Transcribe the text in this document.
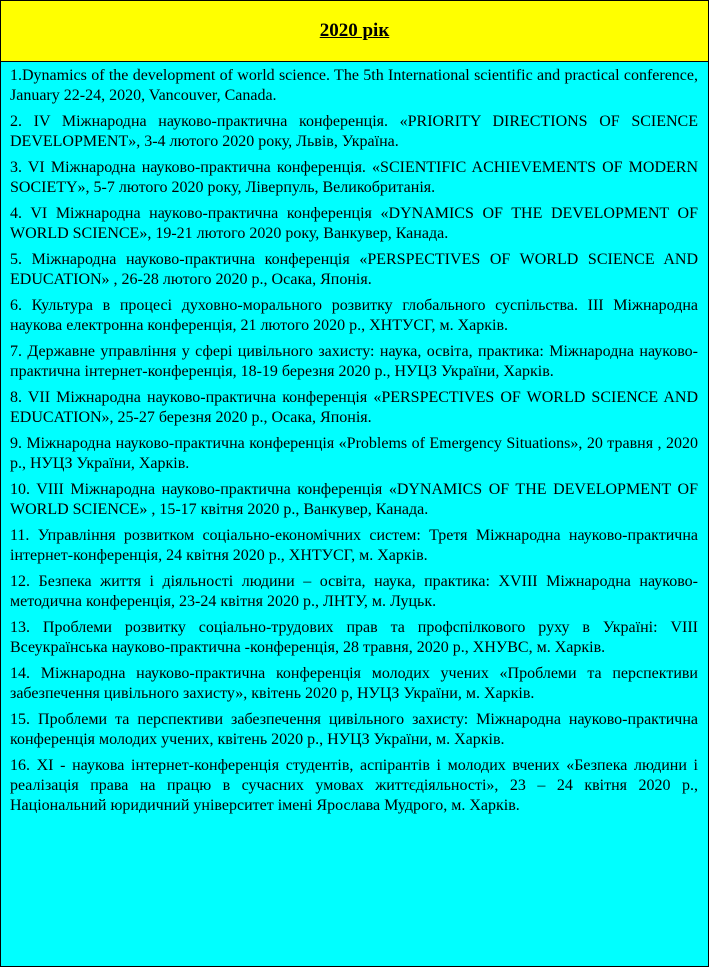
2020 рік

1.Dynamics of the development of world science. The 5th International scientific and practical conference, January 22-24, 2020, Vancouver, Canada.

2. IV Міжнародна науково-практична конференція. «PRIORITY DIRECTIONS OF SCIENCE DEVELOPMENT», 3-4 лютого 2020 року, Львів, Україна.

3. VI Міжнародна науково-практична конференція. «SCIENTIFIC ACHIEVEMENTS OF MODERN SOCIETY», 5-7 лютого 2020 року, Ліверпуль, Великобританія.

4. VI Міжнародна науково-практична конференція «DYNAMICS OF THE DEVELOPMENT OF WORLD SCIENCE», 19-21 лютого 2020 року, Ванкувер, Канада.

5. Міжнародна науково-практична конференція «PERSPECTIVES OF WORLD SCIENCE AND EDUCATION» , 26-28 лютого 2020 р., Осака, Японія.

6. Культура в процесі духовно-морального розвитку глобального суспільства. III Міжнародна наукова електронна конференція, 21 лютого 2020 р., ХНТУСГ, м. Харків.

7. Державне управління у сфері цивільного захисту: наука, освіта, практика: Міжнародна науково-практична інтернет-конференція, 18-19 березня 2020 р., НУЦЗ України, Харків.

8. VII Міжнародна науково-практична конференція «PERSPECTIVES OF WORLD SCIENCE AND EDUCATION», 25-27 березня 2020 р., Осака, Японія.

9. Міжнародна науково-практична конференція «Problems of Emergency Situations», 20 травня , 2020 р., НУЦЗ України, Харків.

10. VIII Міжнародна науково-практична конференція «DYNAMICS OF THE DEVELOPMENT OF WORLD SCIENCE» , 15-17 квітня 2020 р., Ванкувер, Канада.

11. Управління розвитком соціально-економічних систем: Третя Міжнародна науково-практична інтернет-конференція, 24 квітня 2020 р., ХНТУСГ, м. Харків.

12. Безпека життя і діяльності людини – освіта, наука, практика: XVIII Міжнародна науково-методична конференція, 23-24 квітня 2020 р., ЛНТУ, м. Луцьк.

13. Проблеми розвитку соціально-трудових прав та профспілкового руху в Україні: VIII Всеукраїнська науково-практична -конференція, 28 травня, 2020 р., ХНУВС, м. Харків.

14. Міжнародна науково-практична конференція молодих учених «Проблеми та перспективи забезпечення цивільного захисту», квітень 2020 р, НУЦЗ України, м. Харків.

15. Проблеми та перспективи забезпечення цивільного захисту: Міжнародна науково-практична конференція молодих учених, квітень 2020 р., НУЦЗ України, м. Харків.

16. XI - наукова інтернет-конференція студентів, аспірантів і молодих вчених «Безпека людини і реалізація права на працю в сучасних умовах життєдіяльності», 23 – 24 квітня 2020 р., Національний юридичний університет імені Ярослава Мудрого, м. Харків.
